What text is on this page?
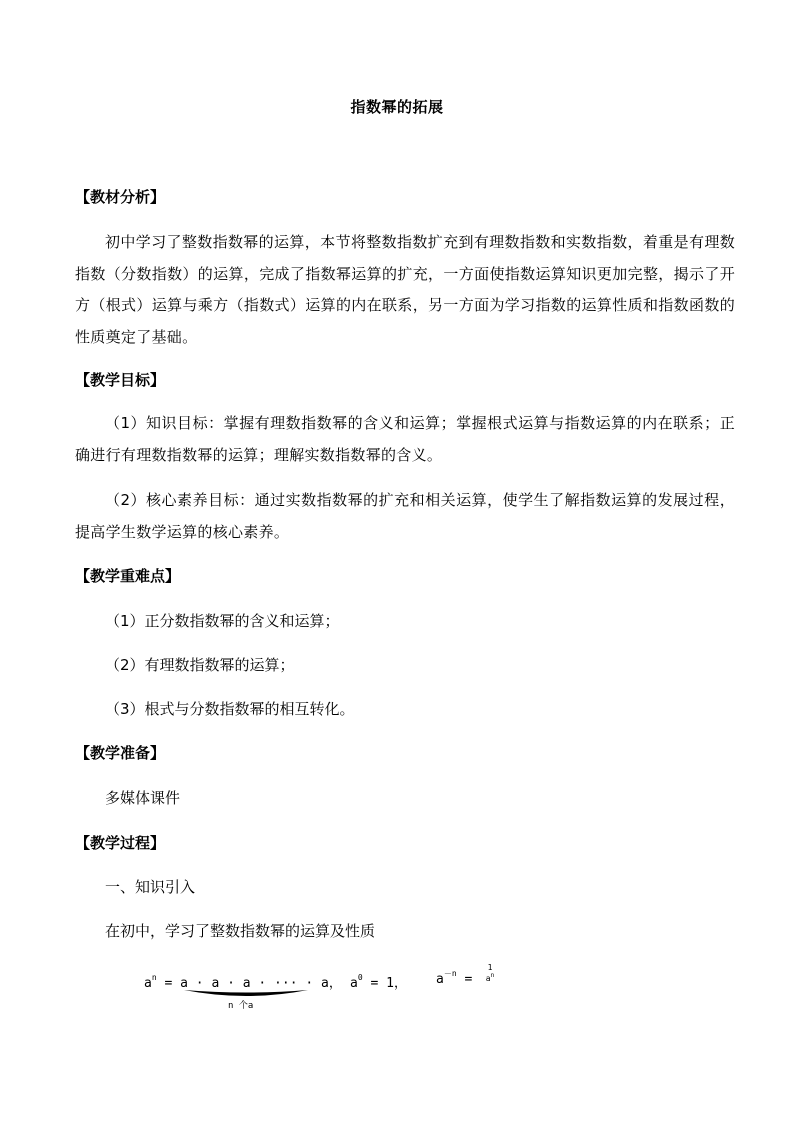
指数幂的拓展
【教材分析】
初中学习了整数指数幂的运算，本节将整数指数扩充到有理数指数和实数指数，着重是有理数指数（分数指数）的运算，完成了指数幂运算的扩充，一方面使指数运算知识更加完整，揭示了开方（根式）运算与乘方（指数式）运算的内在联系，另一方面为学习指数的运算性质和指数函数的性质奠定了基础。
【教学目标】
（1）知识目标：掌握有理数指数幂的含义和运算；掌握根式运算与指数运算的内在联系；正确进行有理数指数幂的运算；理解实数指数幂的含义。
（2）核心素养目标：通过实数指数幂的扩充和相关运算，使学生了解指数运算的发展过程，提高学生数学运算的核心素养。
【教学重难点】
（1）正分数指数幂的含义和运算；
（2）有理数指数幂的运算；
（3）根式与分数指数幂的相互转化。
【教学准备】
多媒体课件
【教学过程】
一、知识引入
在初中，学习了整数指数幂的运算及性质
$a^n = a \cdot a \cdot a$ · ··· · a，
n 个a
$a^0 = 1$， $a^{-n}$ =
1
$a^n$
